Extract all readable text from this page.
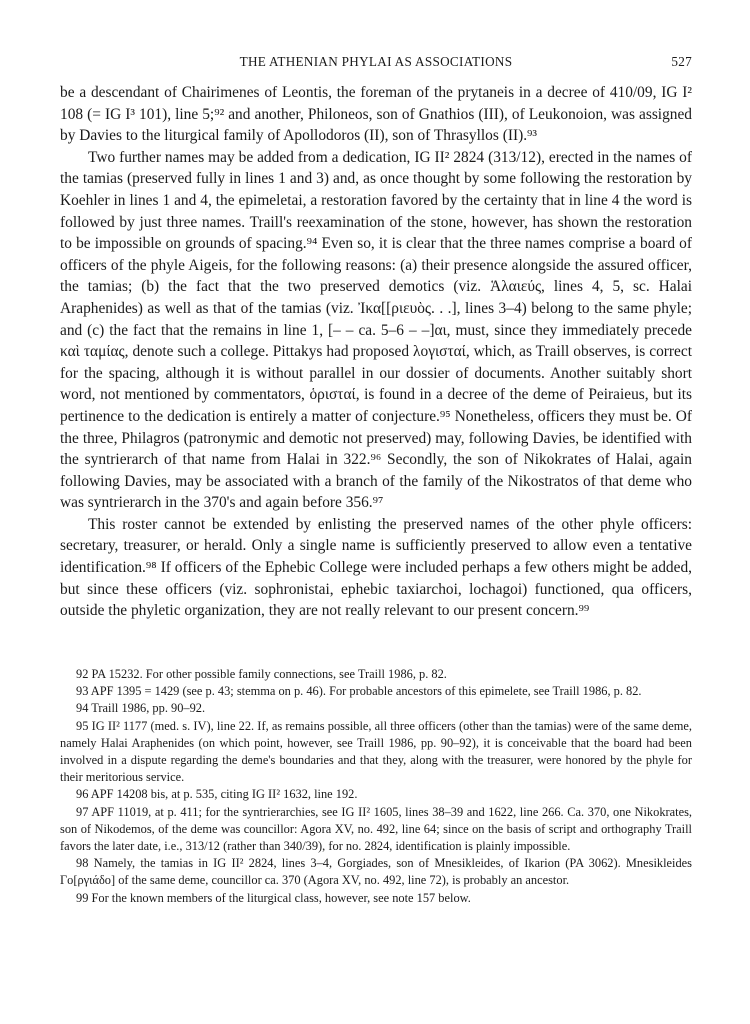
THE ATHENIAN PHYLAI AS ASSOCIATIONS	527

be a descendant of Chairimenes of Leontis, the foreman of the prytaneis in a decree of 410/09, IG I² 108 (= IG I³ 101), line 5;⁹² and another, Philoneos, son of Gnathios (III), of Leukonoion, was assigned by Davies to the liturgical family of Apollodoros (II), son of Thrasyllos (II).⁹³

Two further names may be added from a dedication, IG II² 2824 (313/12), erected in the names of the tamias (preserved fully in lines 1 and 3) and, as once thought by some following the restoration by Koehler in lines 1 and 4, the epimeletai, a restoration favored by the certainty that in line 4 the word is followed by just three names. Traill's reexamination of the stone, however, has shown the restoration to be impossible on grounds of spacing.⁹⁴ Even so, it is clear that the three names comprise a board of officers of the phyle Aigeis, for the following reasons: (a) their presence alongside the assured officer, the tamias; (b) the fact that the two preserved demotics (viz. Ἁλαιεύς, lines 4, 5, sc. Halai Araphenides) as well as that of the tamias (viz. Ἰκα[[ριευὸς. . .], lines 3–4) belong to the same phyle; and (c) the fact that the remains in line 1, [– – ca. 5–6 – –]αι, must, since they immediately precede καὶ ταμίας, denote such a college. Pittakys had proposed λογισταί, which, as Traill observes, is correct for the spacing, although it is without parallel in our dossier of documents. Another suitably short word, not mentioned by commentators, ὁρισταί, is found in a decree of the deme of Peiraieus, but its pertinence to the dedication is entirely a matter of conjecture.⁹⁵ Nonetheless, officers they must be. Of the three, Philagros (patronymic and demotic not preserved) may, following Davies, be identified with the syntrierarch of that name from Halai in 322.⁹⁶ Secondly, the son of Nikokrates of Halai, again following Davies, may be associated with a branch of the family of the Nikostratos of that deme who was syntrierarch in the 370's and again before 356.⁹⁷

This roster cannot be extended by enlisting the preserved names of the other phyle officers: secretary, treasurer, or herald. Only a single name is sufficiently preserved to allow even a tentative identification.⁹⁸ If officers of the Ephebic College were included perhaps a few others might be added, but since these officers (viz. sophronistai, ephebic taxiarchoi, lochagoi) functioned, qua officers, outside the phyletic organization, they are not really relevant to our present concern.⁹⁹

92 PA 15232. For other possible family connections, see Traill 1986, p. 82.

93 APF 1395 = 1429 (see p. 43; stemma on p. 46). For probable ancestors of this epimelete, see Traill 1986, p. 82.

94 Traill 1986, pp. 90–92.

95 IG II² 1177 (med. s. IV), line 22. If, as remains possible, all three officers (other than the tamias) were of the same deme, namely Halai Araphenides (on which point, however, see Traill 1986, pp. 90–92), it is conceivable that the board had been involved in a dispute regarding the deme's boundaries and that they, along with the treasurer, were honored by the phyle for their meritorious service.

96 APF 14208 bis, at p. 535, citing IG II² 1632, line 192.

97 APF 11019, at p. 411; for the syntrierarchies, see IG II² 1605, lines 38–39 and 1622, line 266. Ca. 370, one Nikokrates, son of Nikodemos, of the deme was councillor: Agora XV, no. 492, line 64; since on the basis of script and orthography Traill favors the later date, i.e., 313/12 (rather than 340/39), for no. 2824, identification is plainly impossible.

98 Namely, the tamias in IG II² 2824, lines 3–4, Gorgiades, son of Mnesikleides, of Ikarion (PA 3062). Mnesikleides Γο[ργιάδο] of the same deme, councillor ca. 370 (Agora XV, no. 492, line 72), is probably an ancestor.

99 For the known members of the liturgical class, however, see note 157 below.
